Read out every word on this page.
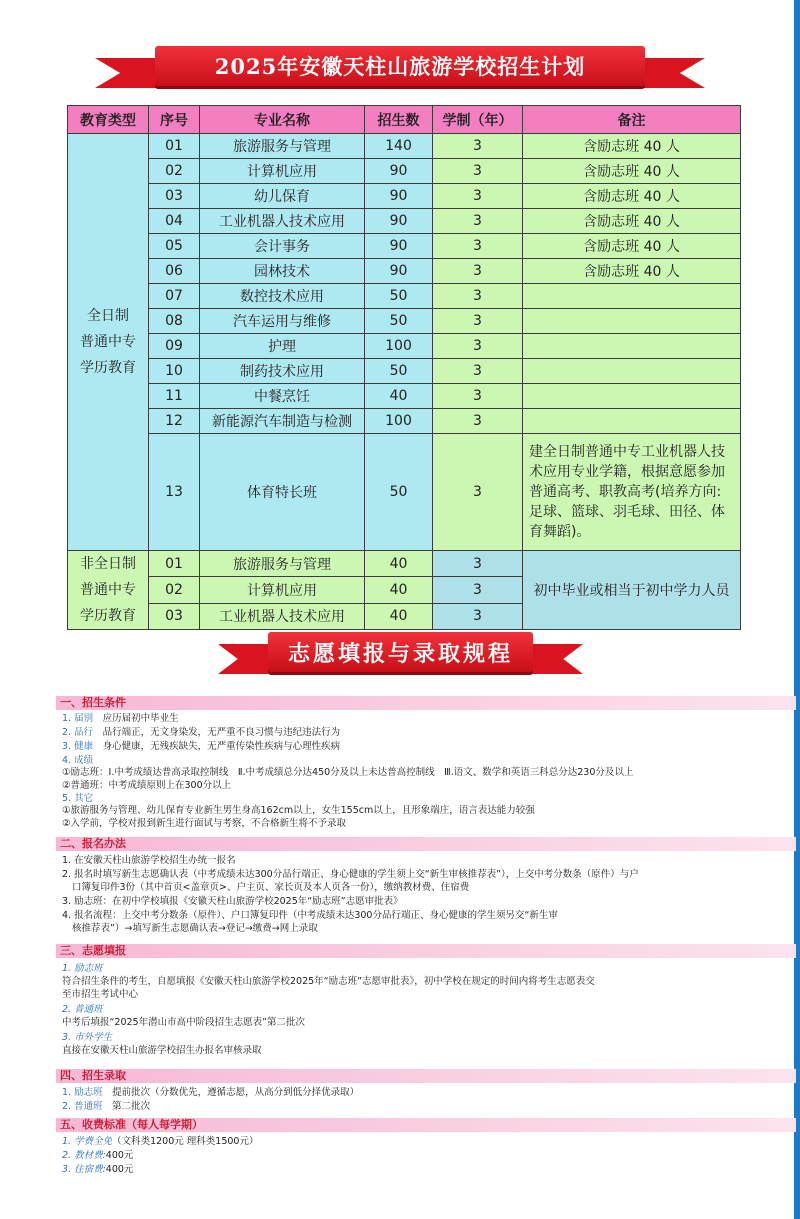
2025年安徽天柱山旅游学校招生计划
教育类型	序号	专业名称	招生数	学制（年）	备注
全日制
普通中专
学历教育	01	旅游服务与管理	140	3	含励志班 40 人
	02	计算机应用	90	3	含励志班 40 人
	03	幼儿保育	90	3	含励志班 40 人
	04	工业机器人技术应用	90	3	含励志班 40 人
	05	会计事务	90	3	含励志班 40 人
	06	园林技术	90	3	含励志班 40 人
	07	数控技术应用	50	3	
	08	汽车运用与维修	50	3	
	09	护理	100	3	
	10	制药技术应用	50	3	
	11	中餐烹饪	40	3	
	12	新能源汽车制造与检测	100	3	
	13	体育特长班	50	3	建全日制普通中专工业机器人技术应用专业学籍，根据意愿参加普通高考、职教高考(培养方向:足球、篮球、羽毛球、田径、体育舞蹈)。
非全日制
普通中专
学历教育	01	旅游服务与管理	40	3	初中毕业或相当于初中学力人员
	02	计算机应用	40	3	
	03	工业机器人技术应用	40	3	
志愿填报与录取规程
一、招生条件
1. 届别　 应历届初中毕业生
2. 品行　 品行端正，无文身染发，无严重不良习惯与违纪违法行为
3. 健康　 身心健康，无残疾缺失，无严重传染性疾病与心理性疾病
4. 成绩
①励志班：Ⅰ.中考成绩达普高录取控制线　Ⅱ.中考成绩总分达450分及以上未达普高控制线　Ⅲ.语文、数学和英语三科总分达230分及以上
②普通班：中考成绩原则上在300分以上
5. 其它
①旅游服务与管理、幼儿保育专业新生男生身高162cm以上，女生155cm以上，且形象端庄，语言表达能力较强
②入学前，学校对报到新生进行面试与考察，不合格新生将不予录取
二、报名办法
1. 在安徽天柱山旅游学校招生办统一报名
2. 报名时填写新生志愿确认表（中考成绩未达300分品行端正、身心健康的学生须上交“新生审核推荐表”），上交中考分数条（原件）与户
口簿复印件3份（其中首页<盖章页>、户主页、家长页及本人页各一份），缴纳教材费、住宿费
3. 励志班：在初中学校填报《安徽天柱山旅游学校2025年“励志班”志愿审批表》
4. 报名流程：上交中考分数条（原件）、户口簿复印件（中考成绩未达300分品行端正、身心健康的学生须另交“新生审
核推荐表”）→填写新生志愿确认表→登记→缴费→网上录取
三、志愿填报
1. 励志班
符合招生条件的考生，自愿填报《安徽天柱山旅游学校2025年“励志班”志愿审批表》，初中学校在规定的时间内将考生志愿表交
至市招生考试中心
2. 普通班
中考后填报“2025年潜山市高中阶段招生志愿表”第二批次
3. 市外学生
直接在安徽天柱山旅游学校招生办报名审核录取
四、招生录取
1. 励志班　 提前批次（分数优先，遵循志愿，从高分到低分择优录取）
2. 普通班　 第二批次
五、收费标准（每人每学期）
1. 学费全免（文科类1200元 理科类1500元）
2. 教材费:400元
3. 住宿费:400元
